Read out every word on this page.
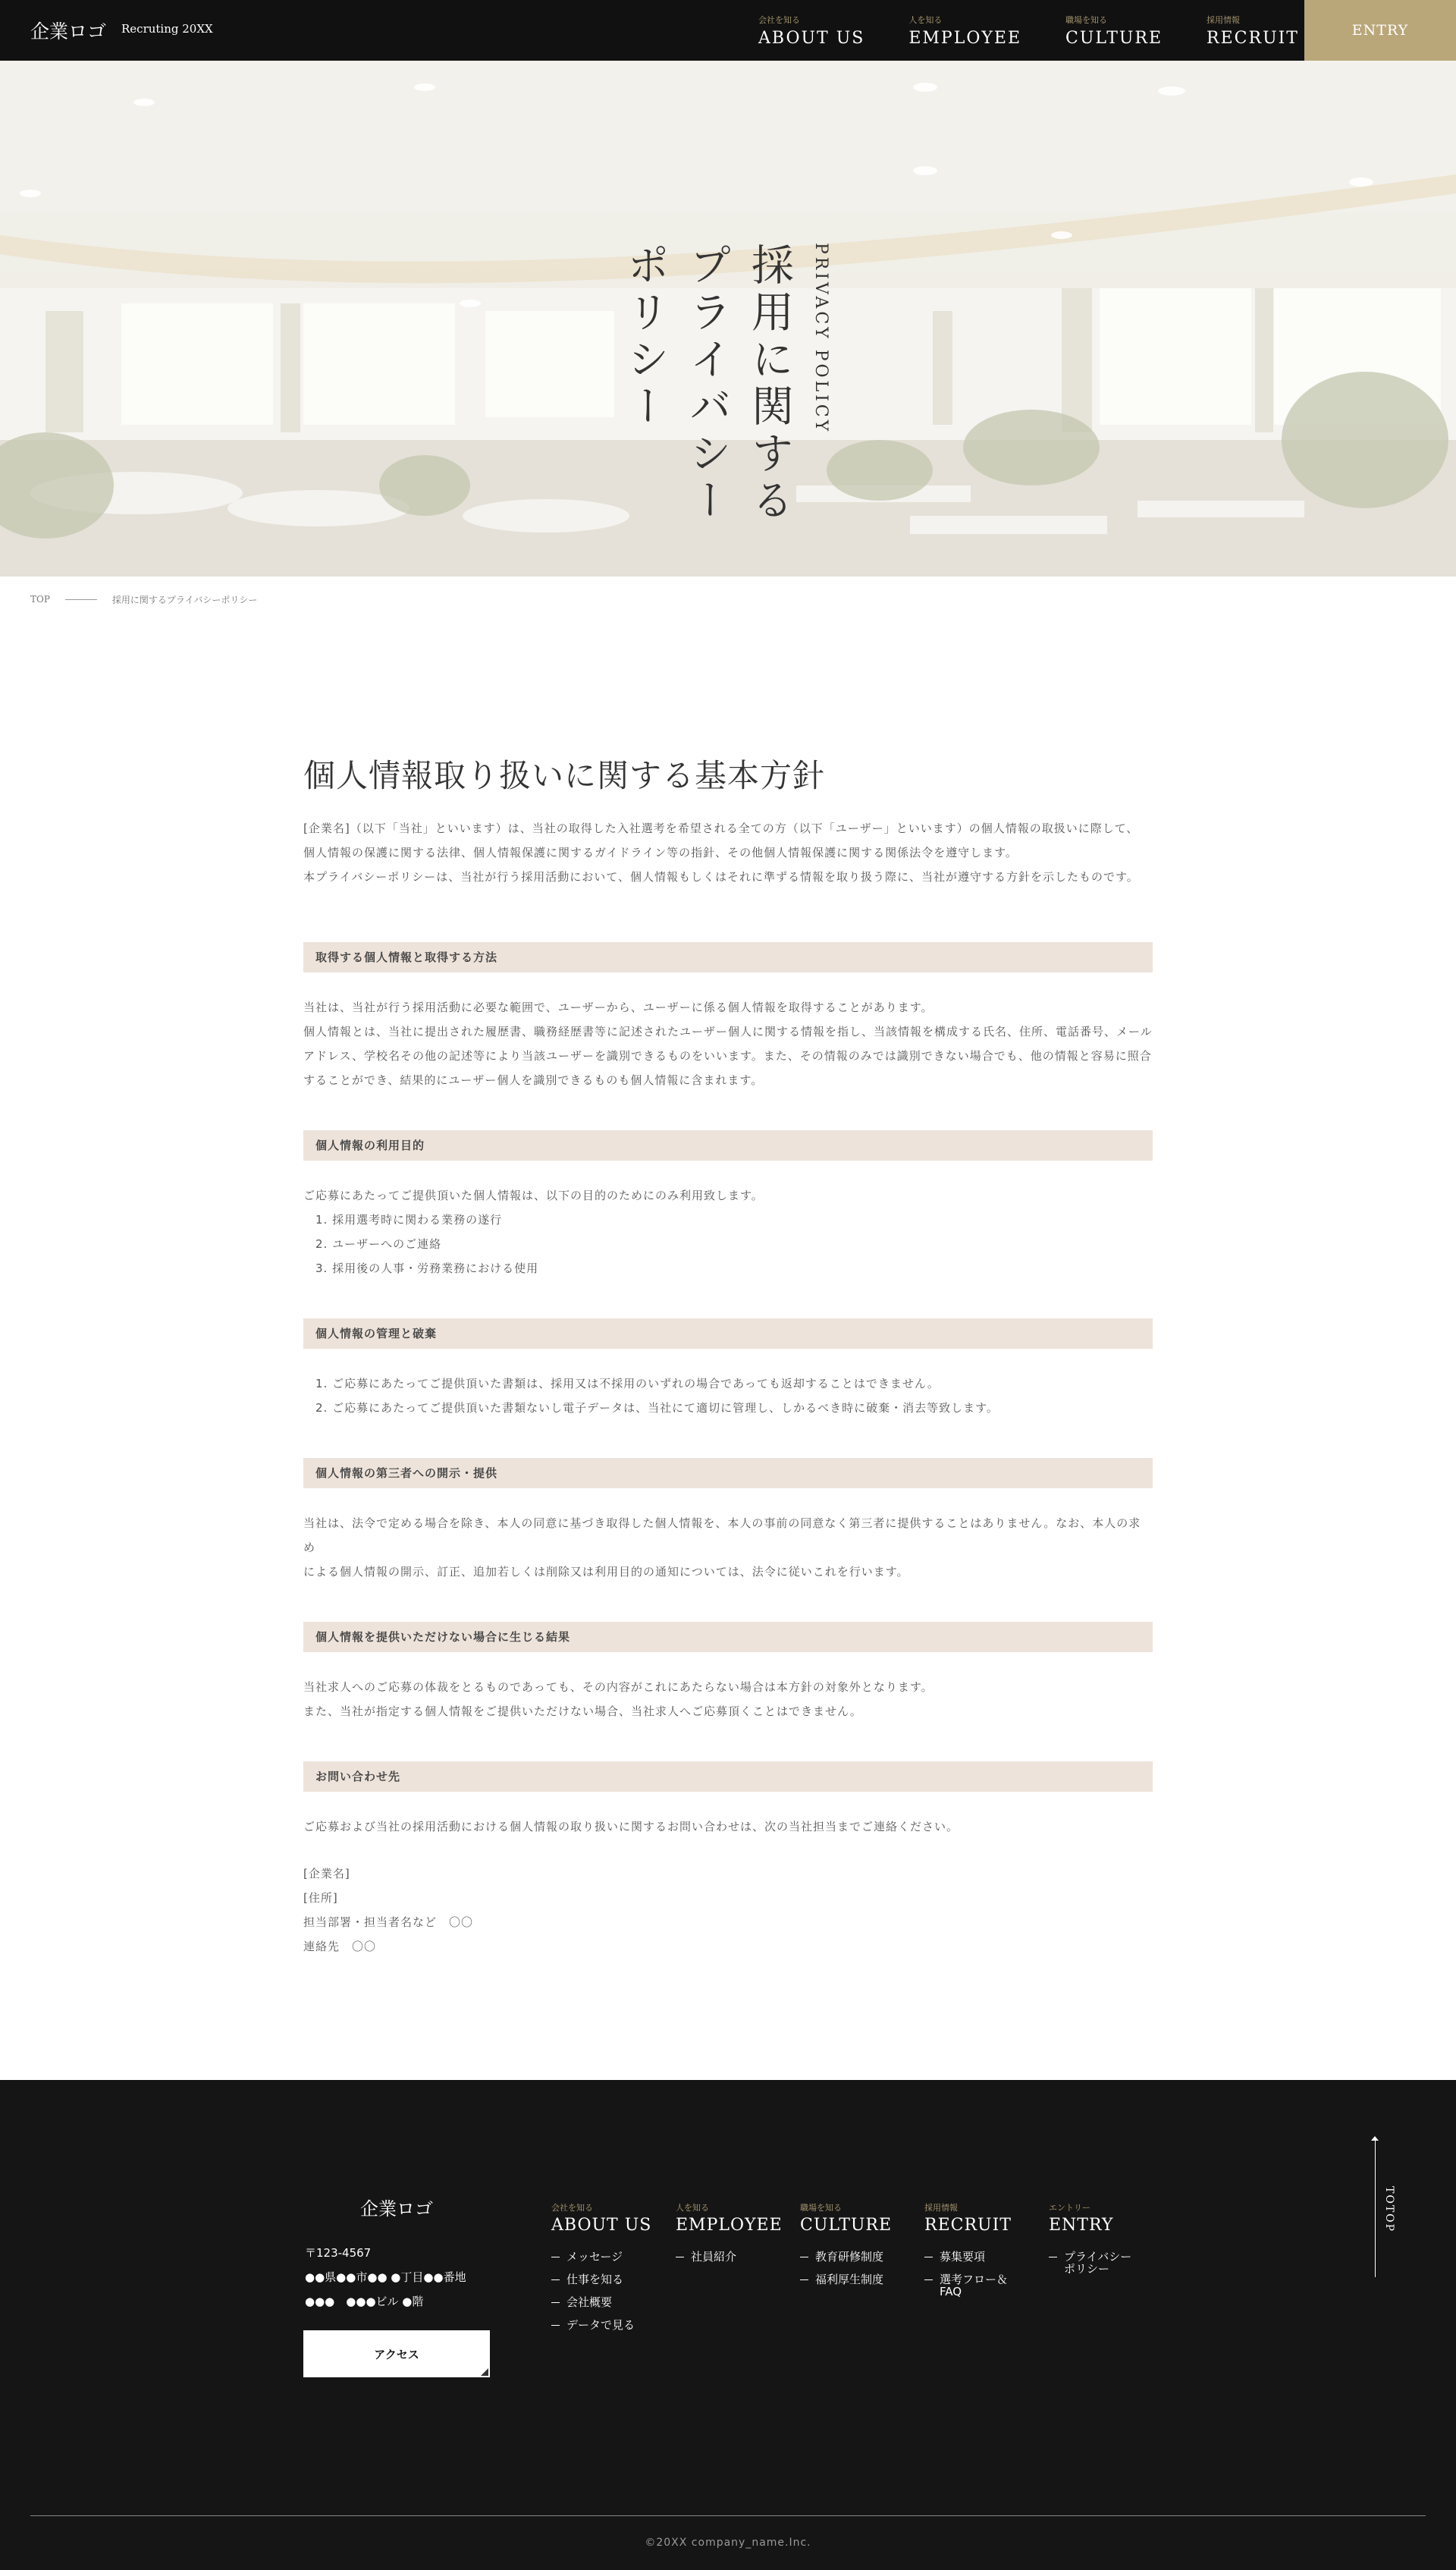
企業ロゴ Recruting 20XX
会社を知る
ABOUT US
人を知る
EMPLOYEE
職場を知る
CULTURE
採用情報
RECRUIT	ENTRY
PRIVACY POLICY
採用に関するプライバシーポリシー
TOP	採用に関するプライバシーポリシー
個人情報取り扱いに関する基本方針

[企業名]（以下「当社」といいます）は、当社の取得した入社選考を希望される全ての方（以下「ユーザー」といいます）の個人情報の取扱いに際して、

個人情報の保護に関する法律、個人情報保護に関するガイドライン等の指針、その他個人情報保護に関する関係法令を遵守します。

本プライバシーポリシーは、当社が行う採用活動において、個人情報もしくはそれに準ずる情報を取り扱う際に、当社が遵守する方針を示したものです。

取得する個人情報と取得する方法

当社は、当社が行う採用活動に必要な範囲で、ユーザーから、ユーザーに係る個人情報を取得することがあります。

個人情報とは、当社に提出された履歴書、職務経歴書等に記述されたユーザー個人に関する情報を指し、当該情報を構成する氏名、住所、電話番号、メール

アドレス、学校名その他の記述等により当該ユーザーを識別できるものをいいます。また、その情報のみでは識別できない場合でも、他の情報と容易に照合

することができ、結果的にユーザー個人を識別できるものも個人情報に含まれます。

個人情報の利用目的

ご応募にあたってご提供頂いた個人情報は、以下の目的のためにのみ利用致します。

1. 採用選考時に関わる業務の遂行
2. ユーザーへのご連絡
3. 採用後の人事・労務業務における使用
個人情報の管理と破棄
1. ご応募にあたってご提供頂いた書類は、採用又は不採用のいずれの場合であっても返却することはできません。
2. ご応募にあたってご提供頂いた書類ないし電子データは、当社にて適切に管理し、しかるべき時に破棄・消去等致します。
個人情報の第三者への開示・提供

当社は、法令で定める場合を除き、本人の同意に基づき取得した個人情報を、本人の事前の同意なく第三者に提供することはありません。なお、本人の求め

による個人情報の開示、訂正、追加若しくは削除又は利用目的の通知については、法令に従いこれを行います。

個人情報を提供いただけない場合に生じる結果

当社求人へのご応募の体裁をとるものであっても、その内容がこれにあたらない場合は本方針の対象外となります。

また、当社が指定する個人情報をご提供いただけない場合、当社求人へご応募頂くことはできません。

お問い合わせ先

ご応募および当社の採用活動における個人情報の取り扱いに関するお問い合わせは、次の当社担当までご連絡ください。

[企業名]

[住所]

担当部署・担当者名など　〇〇

連絡先　〇〇

企業ロゴ

〒123-4567

●●県●●市●● ●丁目●●番地

●●●　●●●ビル ●階

アクセス
会社を知る
ABOUT US
メッセージ
仕事を知る
会社概要
データで見る
人を知る
EMPLOYEE
社員紹介
職場を知る
CULTURE
教育研修制度
福利厚生制度
採用情報
RECRUIT
募集要項
選考フロー＆FAQ
エントリー
ENTRY
プライバシーポリシー
TOTOP
©20XX company_name.Inc.
